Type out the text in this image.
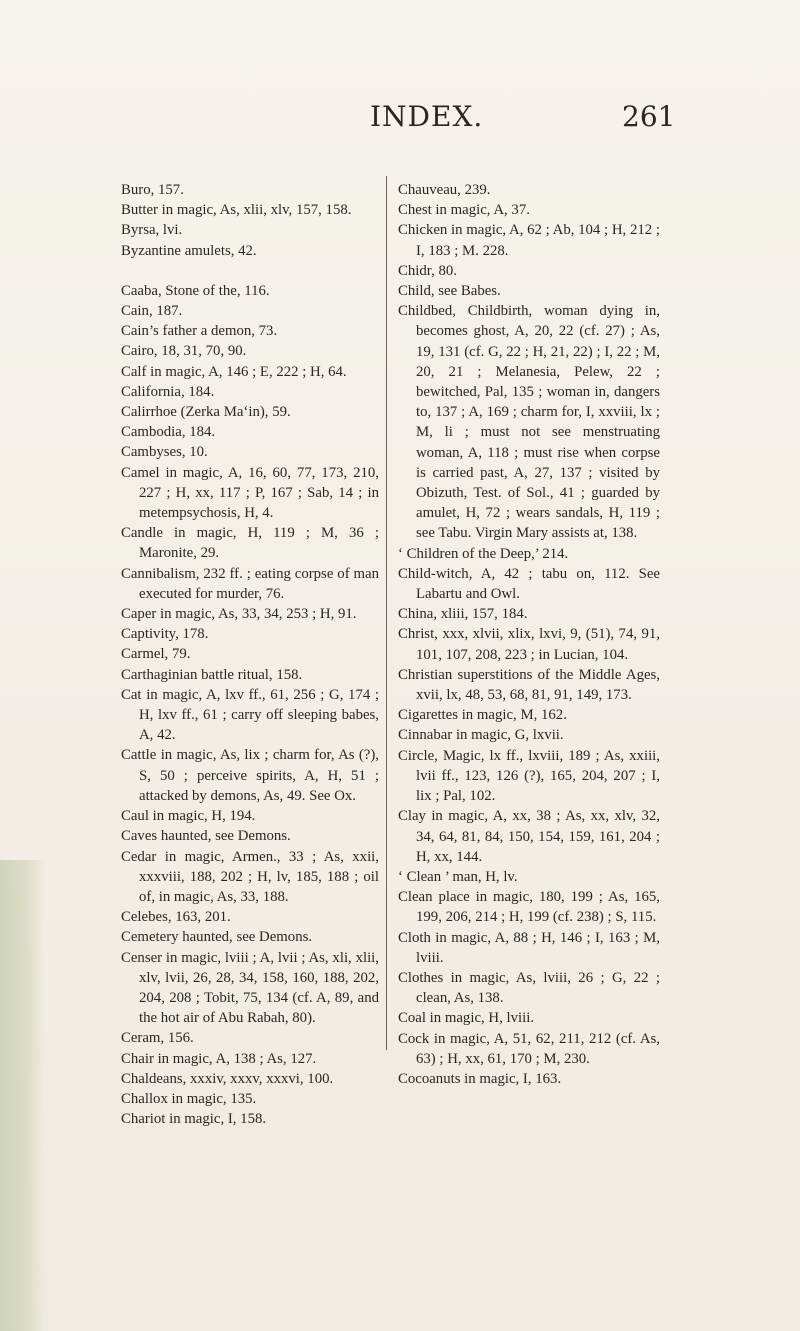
INDEX.	261

Buro, 157.

Butter in magic, As, xlii, xlv, 157, 158.

Byrsa, lvi.

Byzantine amulets, 42.

Caaba, Stone of the, 116.

Cain, 187.

Cain’s father a demon, 73.

Cairo, 18, 31, 70, 90.

Calf in magic, A, 146 ; E, 222 ; H, 64.

California, 184.

Calirrhoe (Zerka Ma‘in), 59.

Cambodia, 184.

Cambyses, 10.

Camel in magic, A, 16, 60, 77, 173, 210, 227 ; H, xx, 117 ; P, 167 ; Sab, 14 ; in metempsychosis, H, 4.

Candle in magic, H, 119 ; M, 36 ; Maronite, 29.

Cannibalism, 232 ff. ; eating corpse of man executed for murder, 76.

Caper in magic, As, 33, 34, 253 ; H, 91.

Captivity, 178.

Carmel, 79.

Carthaginian battle ritual, 158.

Cat in magic, A, lxv ff., 61, 256 ; G, 174 ; H, lxv ff., 61 ; carry off sleeping babes, A, 42.

Cattle in magic, As, lix ; charm for, As (?), S, 50 ; perceive spirits, A, H, 51 ; attacked by demons, As, 49. See Ox.

Caul in magic, H, 194.

Caves haunted, see Demons.

Cedar in magic, Armen., 33 ; As, xxii, xxxviii, 188, 202 ; H, lv, 185, 188 ; oil of, in magic, As, 33, 188.

Celebes, 163, 201.

Cemetery haunted, see Demons.

Censer in magic, lviii ; A, lvii ; As, xli, xlii, xlv, lvii, 26, 28, 34, 158, 160, 188, 202, 204, 208 ; Tobit, 75, 134 (cf. A, 89, and the hot air of Abu Rabah, 80).

Ceram, 156.

Chair in magic, A, 138 ; As, 127.

Chaldeans, xxxiv, xxxv, xxxvi, 100.

Challox in magic, 135.

Chariot in magic, I, 158.

Chauveau, 239.

Chest in magic, A, 37.

Chicken in magic, A, 62 ; Ab, 104 ; H, 212 ; I, 183 ; M. 228.

Chidr, 80.

Child, see Babes.

Childbed, Childbirth, woman dying in, becomes ghost, A, 20, 22 (cf. 27) ; As, 19, 131 (cf. G, 22 ; H, 21, 22) ; I, 22 ; M, 20, 21 ; Melanesia, Pelew, 22 ; bewitched, Pal, 135 ; woman in, dangers to, 137 ; A, 169 ; charm for, I, xxviii, lx ; M, li ; must not see menstruating woman, A, 118 ; must rise when corpse is carried past, A, 27, 137 ; visited by Obizuth, Test. of Sol., 41 ; guarded by amulet, H, 72 ; wears sandals, H, 119 ; see Tabu. Virgin Mary assists at, 138.

‘ Children of the Deep,’ 214.

Child-witch, A, 42 ; tabu on, 112. See Labartu and Owl.

China, xliii, 157, 184.

Christ, xxx, xlvii, xlix, lxvi, 9, (51), 74, 91, 101, 107, 208, 223 ; in Lucian, 104.

Christian superstitions of the Middle Ages, xvii, lx, 48, 53, 68, 81, 91, 149, 173.

Cigarettes in magic, M, 162.

Cinnabar in magic, G, lxvii.

Circle, Magic, lx ff., lxviii, 189 ; As, xxiii, lvii ff., 123, 126 (?), 165, 204, 207 ; I, lix ; Pal, 102.

Clay in magic, A, xx, 38 ; As, xx, xlv, 32, 34, 64, 81, 84, 150, 154, 159, 161, 204 ; H, xx, 144.

‘ Clean ’ man, H, lv.

Clean place in magic, 180, 199 ; As, 165, 199, 206, 214 ; H, 199 (cf. 238) ; S, 115.

Cloth in magic, A, 88 ; H, 146 ; I, 163 ; M, lviii.

Clothes in magic, As, lviii, 26 ; G, 22 ; clean, As, 138.

Coal in magic, H, lviii.

Cock in magic, A, 51, 62, 211, 212 (cf. As, 63) ; H, xx, 61, 170 ; M, 230.

Cocoanuts in magic, I, 163.
